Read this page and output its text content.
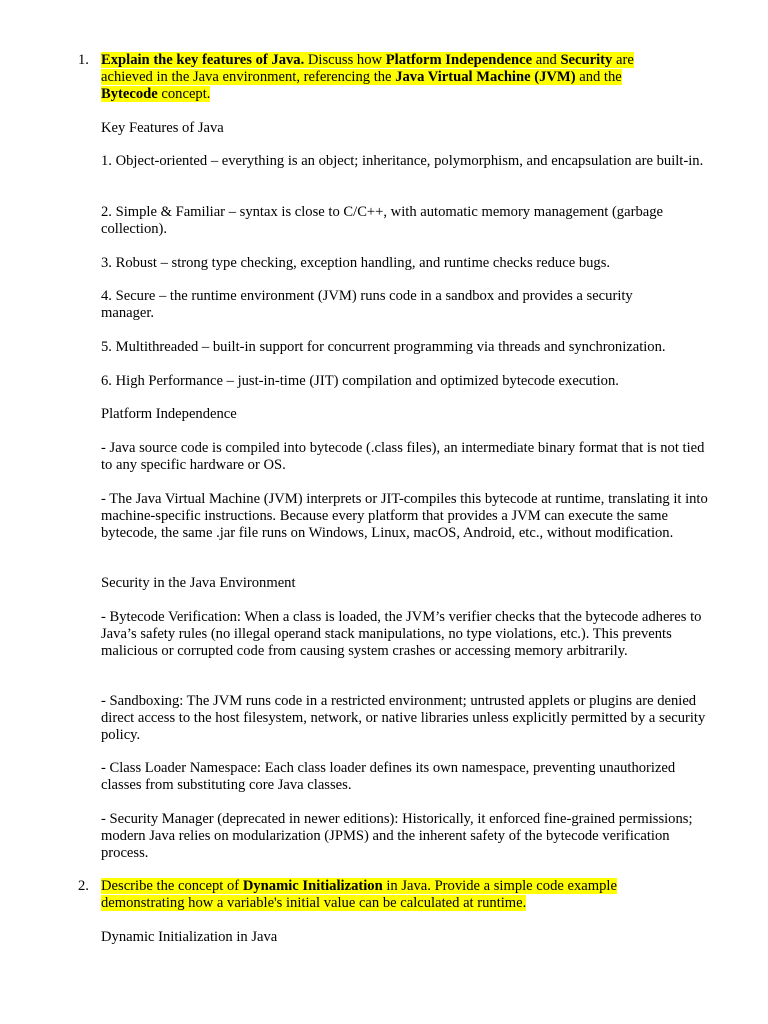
1. Explain the key features of Java. Discuss how Platform Independence and Security are achieved in the Java environment, referencing the Java Virtual Machine (JVM) and the Bytecode concept.

Key Features of Java

1. Object-oriented – everything is an object; inheritance, polymorphism, and encapsulation are built-in.

2. Simple & Familiar – syntax is close to C/C++, with automatic memory management (garbage collection).

3. Robust – strong type checking, exception handling, and runtime checks reduce bugs.

4. Secure – the runtime environment (JVM) runs code in a sandbox and provides a security manager.

5. Multithreaded – built-in support for concurrent programming via threads and synchronization.

6. High Performance – just-in-time (JIT) compilation and optimized bytecode execution.

Platform Independence

- Java source code is compiled into bytecode (.class files), an intermediate binary format that is not tied to any specific hardware or OS.

- The Java Virtual Machine (JVM) interprets or JIT-compiles this bytecode at runtime, translating it into machine-specific instructions. Because every platform that provides a JVM can execute the same bytecode, the same .jar file runs on Windows, Linux, macOS, Android, etc., without modification.

Security in the Java Environment

- Bytecode Verification: When a class is loaded, the JVM’s verifier checks that the bytecode adheres to Java’s safety rules (no illegal operand stack manipulations, no type violations, etc.). This prevents malicious or corrupted code from causing system crashes or accessing memory arbitrarily.

- Sandboxing: The JVM runs code in a restricted environment; untrusted applets or plugins are denied direct access to the host filesystem, network, or native libraries unless explicitly permitted by a security policy.

- Class Loader Namespace: Each class loader defines its own namespace, preventing unauthorized classes from substituting core Java classes.

- Security Manager (deprecated in newer editions): Historically, it enforced fine-grained permissions; modern Java relies on modularization (JPMS) and the inherent safety of the bytecode verification process.

2. Describe the concept of Dynamic Initialization in Java. Provide a simple code example demonstrating how a variable's initial value can be calculated at runtime.

Dynamic Initialization in Java
